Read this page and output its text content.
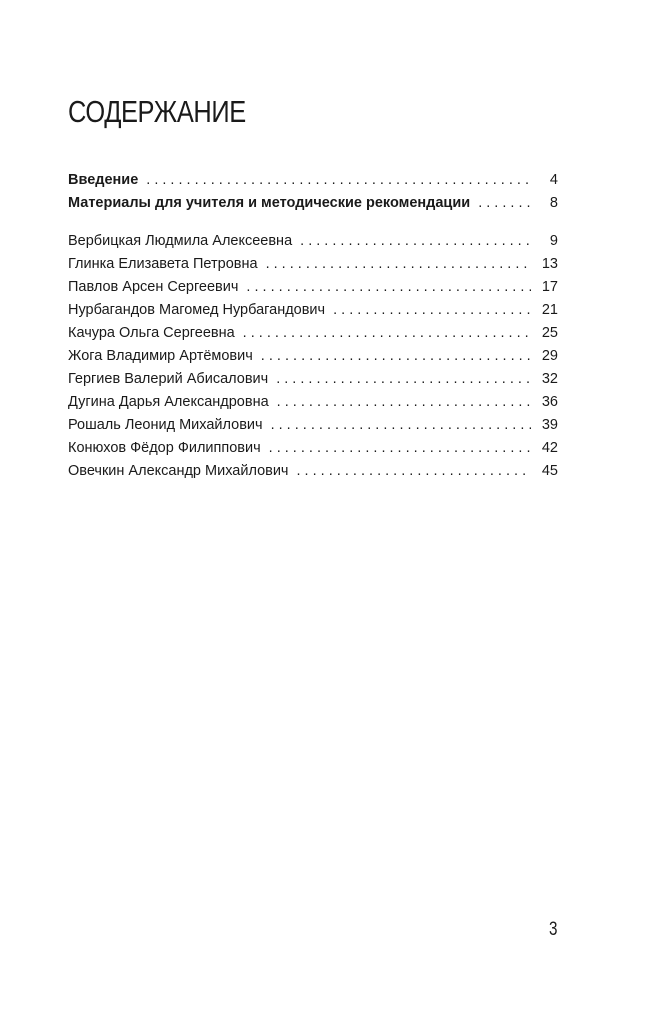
СОДЕРЖАНИЕ
Введение . . .	4
Материалы для учителя и методические рекомендации . . .	8
Вербицкая Людмила Алексеевна . . .	9
Глинка Елизавета Петровна . . .	13
Павлов Арсен Сергеевич . . .	17
Нурбагандов Магомед Нурбагандович . . .	21
Качура Ольга Сергеевна . . .	25
Жога Владимир Артёмович . . .	29
Гергиев Валерий Абисалович . . .	32
Дугина Дарья Александровна . . .	36
Рошаль Леонид Михайлович . . .	39
Конюхов Фёдор Филиппович . . .	42
Овечкин Александр Михайлович . . .	45
3
